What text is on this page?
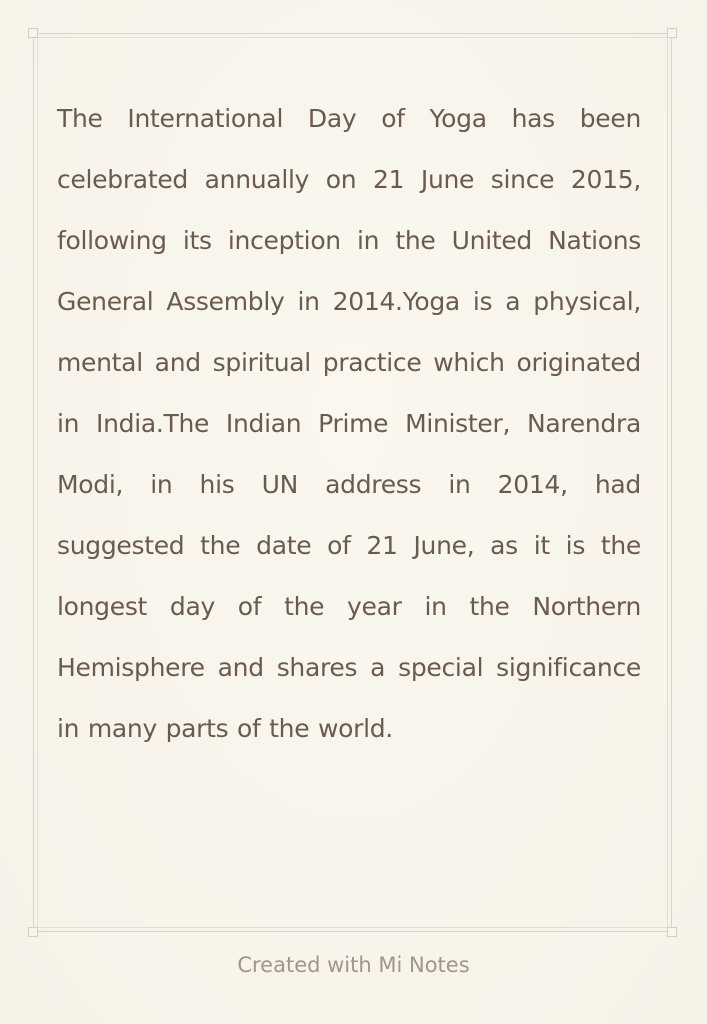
The International Day of Yoga has been celebrated annually on 21 June since 2015, following its inception in the United Nations General Assembly in 2014.Yoga is a physical, mental and spiritual practice which originated in India.The Indian Prime Minister, Narendra Modi, in his UN address in 2014, had suggested the date of 21 June, as it is the longest day of the year in the Northern Hemisphere and shares a special significance in many parts of the world.

Created with Mi Notes
